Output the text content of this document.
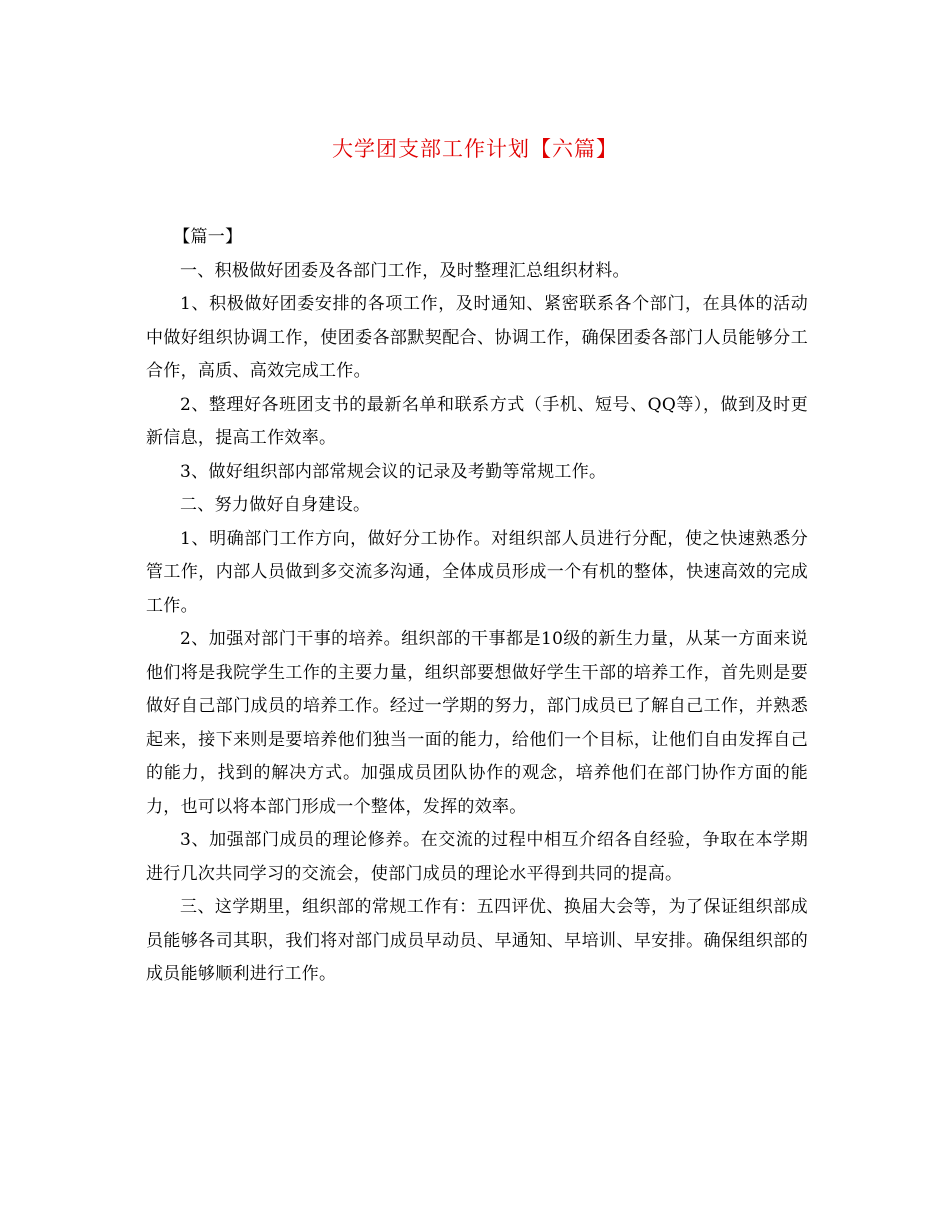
大学团支部工作计划【六篇】

【篇一】

一、积极做好团委及各部门工作，及时整理汇总组织材料。

1、积极做好团委安排的各项工作，及时通知、紧密联系各个部门，在具体的活动中做好组织协调工作，使团委各部默契配合、协调工作，确保团委各部门人员能够分工合作，高质、高效完成工作。

2、整理好各班团支书的最新名单和联系方式（手机、短号、QQ等），做到及时更新信息，提高工作效率。

3、做好组织部内部常规会议的记录及考勤等常规工作。

二、努力做好自身建设。

1、明确部门工作方向，做好分工协作。对组织部人员进行分配，使之快速熟悉分管工作，内部人员做到多交流多沟通，全体成员形成一个有机的整体，快速高效的完成工作。

2、加强对部门干事的培养。组织部的干事都是10级的新生力量，从某一方面来说他们将是我院学生工作的主要力量，组织部要想做好学生干部的培养工作，首先则是要做好自己部门成员的培养工作。经过一学期的努力，部门成员已了解自己工作，并熟悉起来，接下来则是要培养他们独当一面的能力，给他们一个目标，让他们自由发挥自己的能力，找到的解决方式。加强成员团队协作的观念，培养他们在部门协作方面的能力，也可以将本部门形成一个整体，发挥的效率。

3、加强部门成员的理论修养。在交流的过程中相互介绍各自经验，争取在本学期进行几次共同学习的交流会，使部门成员的理论水平得到共同的提高。

三、这学期里，组织部的常规工作有：五四评优、换届大会等，为了保证组织部成员能够各司其职，我们将对部门成员早动员、早通知、早培训、早安排。确保组织部的成员能够顺利进行工作。
